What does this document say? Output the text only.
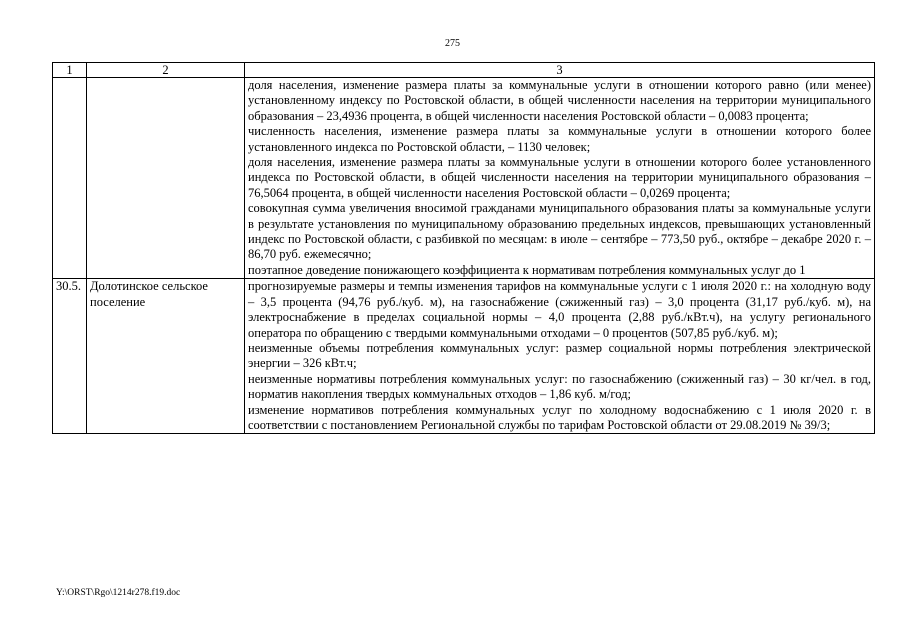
275
1	2	3

		доля населения, изменение размера платы за коммунальные услуги в отношении которого равно (или менее) установленному индексу по Ростовской области, в общей численности населения на территории муниципального образования – 23,4936 процента, в общей численности населения Ростовской области – 0,0083 процента;
численность населения, изменение размера платы за коммунальные услуги в отношении которого более установленного индекса по Ростовской области, – 1130 человек;
доля населения, изменение размера платы за коммунальные услуги в отношении которого более установленного индекса по Ростовской области, в общей численности населения на территории муниципального образования – 76,5064 процента, в общей численности населения Ростовской области – 0,0269 процента;
совокупная сумма увеличения вносимой гражданами муниципального образования платы за коммунальные услуги в результате установления по муниципальному образованию предельных индексов, превышающих установленный индекс по Ростовской области, с разбивкой по месяцам: в июле – сентябре – 773,50 руб., октябре – декабре 2020 г. – 86,70 руб. ежемесячно;
поэтапное доведение понижающего коэффициента к нормативам потребления коммунальных услуг до 1

30.5.	Долотинское сельское поселение	прогнозируемые размеры и темпы изменения тарифов на коммунальные услуги с 1 июля 2020 г.: на холодную воду – 3,5 процента (94,76 руб./куб. м), на газоснабжение (сжиженный газ) – 3,0 процента (31,17 руб./куб. м), на электроснабжение в пределах социальной нормы – 4,0 процента (2,88 руб./кВт.ч), на услугу регионального оператора по обращению с твердыми коммунальными отходами – 0 процентов (507,85 руб./куб. м);
неизменные объемы потребления коммунальных услуг: размер социальной нормы потребления электрической энергии – 326 кВт.ч;
неизменные нормативы потребления коммунальных услуг: по газоснабжению (сжиженный газ) – 30 кг/чел. в год, норматив накопления твердых коммунальных отходов – 1,86 куб. м/год;
изменение нормативов потребления коммунальных услуг по холодному водоснабжению с 1 июля 2020 г. в соответствии с постановлением Региональной службы по тарифам Ростовской области от 29.08.2019 № 39/3;
Y:\ORST\Rgo\1214r278.f19.doc
